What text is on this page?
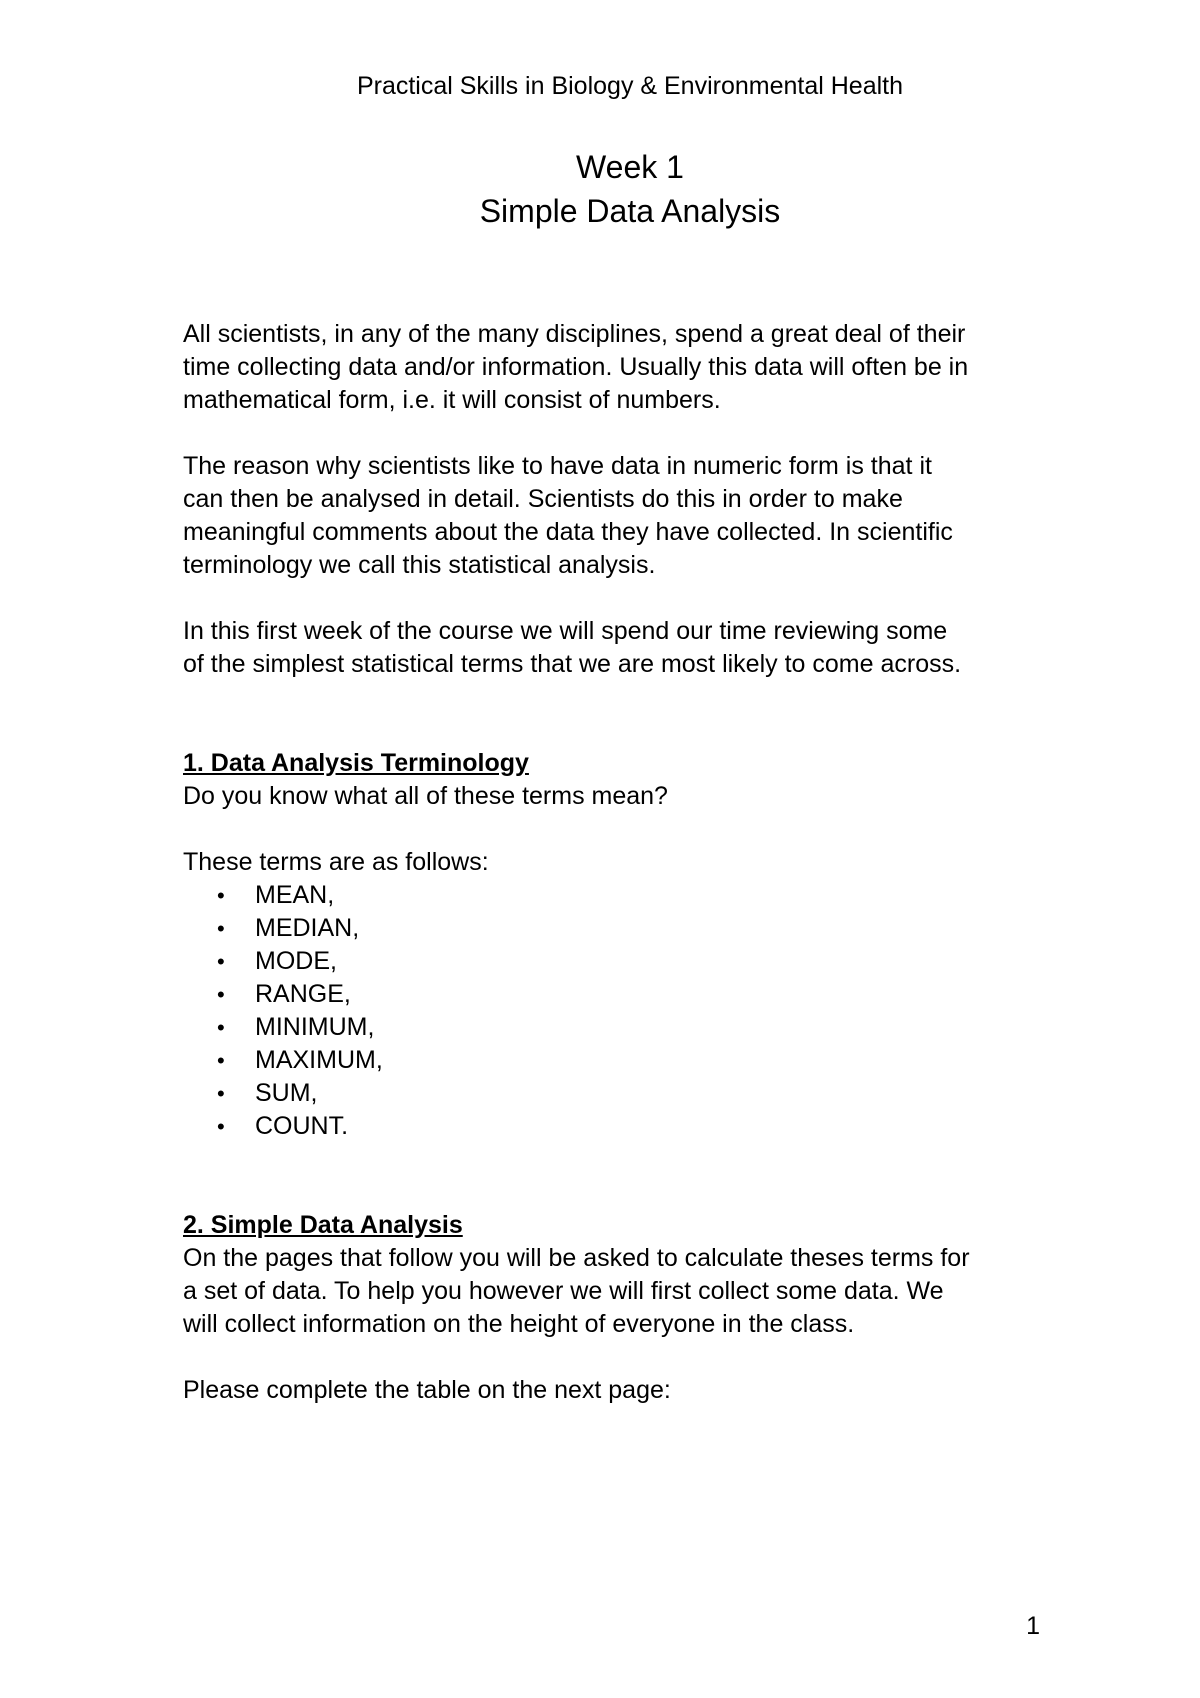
Practical Skills in Biology & Environmental Health
Week 1
Simple Data Analysis

All scientists, in any of the many disciplines, spend a great deal of their
time collecting data and/or information. Usually this data will often be in
mathematical form, i.e. it will consist of numbers.

The reason why scientists like to have data in numeric form is that it
can then be analysed in detail. Scientists do this in order to make
meaningful comments about the data they have collected. In scientific
terminology we call this statistical analysis.

In this first week of the course we will spend our time reviewing some
of the simplest statistical terms that we are most likely to come across.

1. Data Analysis Terminology

Do you know what all of these terms mean?

These terms are as follows:

• MEAN,
• MEDIAN,
• MODE,
• RANGE,
• MINIMUM,
• MAXIMUM,
• SUM,
• COUNT.

2. Simple Data Analysis

On the pages that follow you will be asked to calculate theses terms for
a set of data. To help you however we will first collect some data. We
will collect information on the height of everyone in the class.

Please complete the table on the next page:

1
